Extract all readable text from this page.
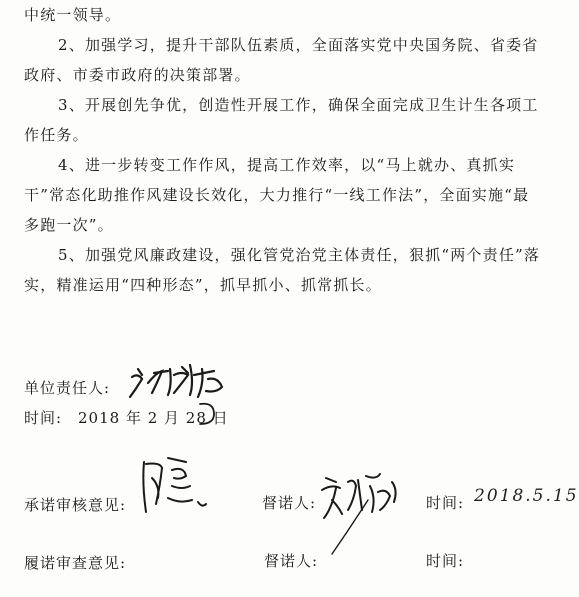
中统一领导。

2、加强学习，提升干部队伍素质，全面落实党中央国务院、省委省政府、市委市政府的决策部署。

3、开展创先争优，创造性开展工作，确保全面完成卫生计生各项工作任务。

4、进一步转变工作作风，提高工作效率，以“马上就办、真抓实干”常态化助推作风建设长效化，大力推行“一线工作法”，全面实施“最多跑一次”。

5、加强党风廉政建设，强化管党治党主体责任，狠抓“两个责任”落实，精准运用“四种形态”，抓早抓小、抓常抓长。

单位责任人:
时间: 2018 年 2 月 28 日
承诺审核意见:	督诺人:	时间: 2018.5.15
履诺审查意见:	督诺人:	时间:
